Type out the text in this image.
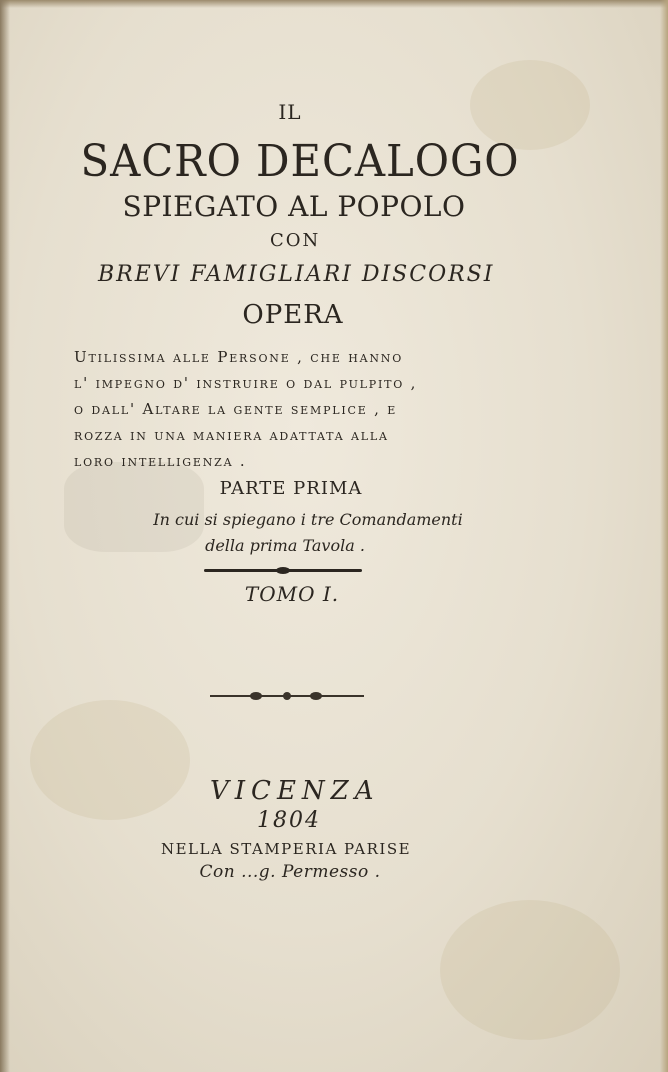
IL
SACRO DECALOGO
SPIEGATO AL POPOLO
CON
BREVI FAMIGLIARI DISCORSI
OPERA
Utilissima alle Persone , che hanno
l' impegno d' instruire o dal pulpito ,
o dall' Altare la gente semplice , e
rozza in una maniera adattata alla
loro intelligenza .
PARTE PRIMA
In cui si spiegano i tre Comandamenti
della prima Tavola .
TOMO I.
VICENZA
1804
NELLA STAMPERIA PARISE
Con ...g. Permesso .
